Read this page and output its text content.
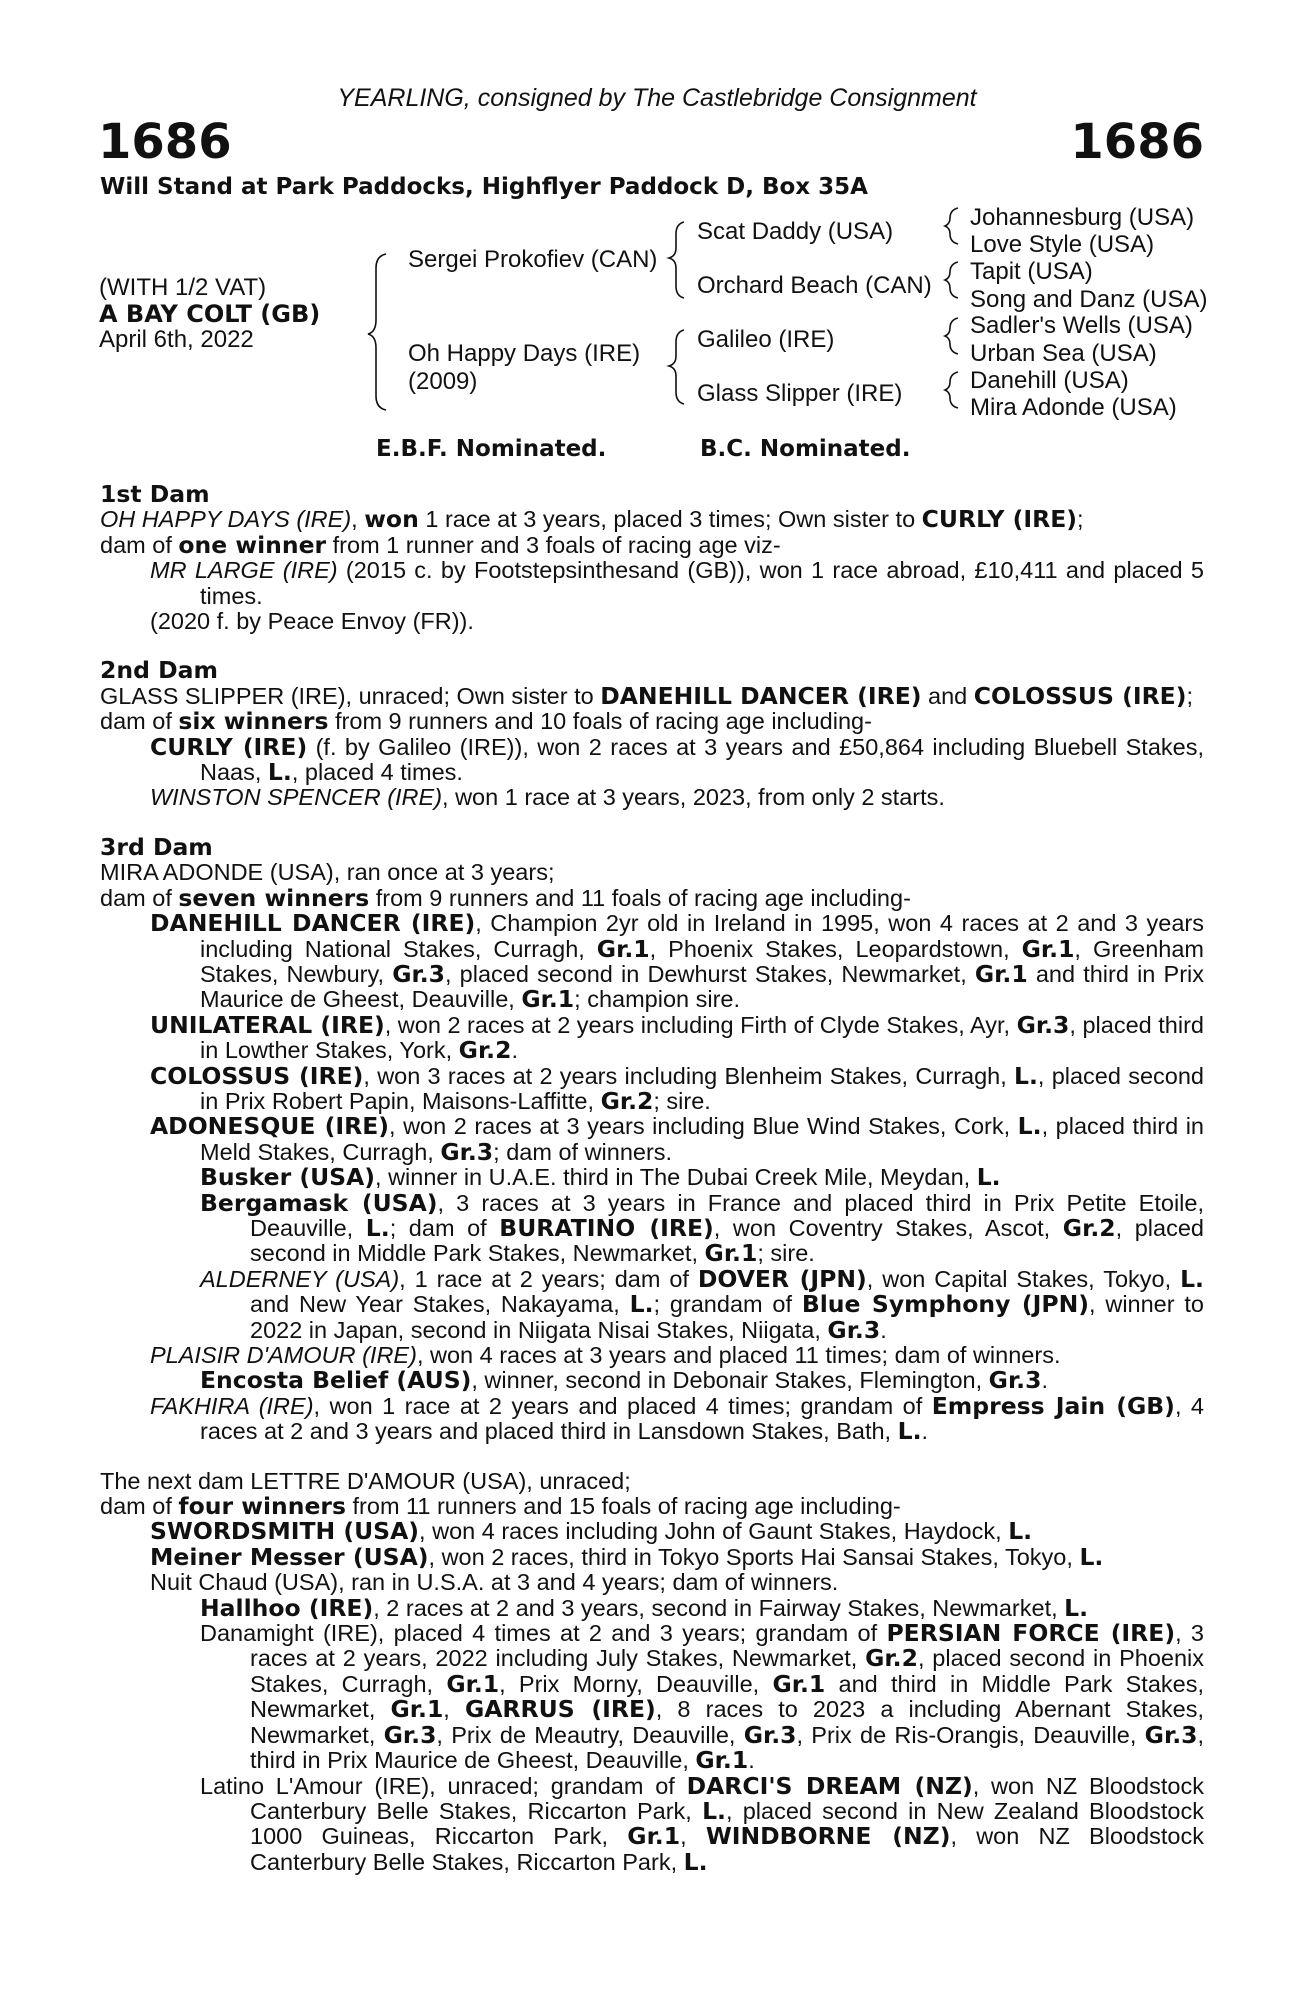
YEARLING, consigned by The Castlebridge Consignment
1686	1686
Will Stand at Park Paddocks, Highflyer Paddock D, Box 35A
(WITH 1/2 VAT)
A BAY COLT (GB)
April 6th, 2022
Sergei Prokofiev (CAN)
Oh Happy Days (IRE)
(2009)
Scat Daddy (USA)
Orchard Beach (CAN)
Galileo (IRE)
Glass Slipper (IRE)
Johannesburg (USA)
Love Style (USA)
Tapit (USA)
Song and Danz (USA)
Sadler's Wells (USA)
Urban Sea (USA)
Danehill (USA)
Mira Adonde (USA)
E.B.F. Nominated.	B.C. Nominated.

1st Dam

OH HAPPY DAYS (IRE), won 1 race at 3 years, placed 3 times; Own sister to CURLY (IRE);

dam of one winner from 1 runner and 3 foals of racing age viz-

MR LARGE (IRE) (2015 c. by Footstepsinthesand (GB)), won 1 race abroad, £10,411 and placed 5 times.

(2020 f. by Peace Envoy (FR)).

2nd Dam

GLASS SLIPPER (IRE), unraced; Own sister to DANEHILL DANCER (IRE) and COLOSSUS (IRE);

dam of six winners from 9 runners and 10 foals of racing age including-

CURLY (IRE) (f. by Galileo (IRE)), won 2 races at 3 years and £50,864 including Bluebell Stakes, Naas, L., placed 4 times.

WINSTON SPENCER (IRE), won 1 race at 3 years, 2023, from only 2 starts.

3rd Dam

MIRA ADONDE (USA), ran once at 3 years;

dam of seven winners from 9 runners and 11 foals of racing age including-

DANEHILL DANCER (IRE), Champion 2yr old in Ireland in 1995, won 4 races at 2 and 3 years including National Stakes, Curragh, Gr.1, Phoenix Stakes, Leopardstown, Gr.1, Greenham Stakes, Newbury, Gr.3, placed second in Dewhurst Stakes, Newmarket, Gr.1 and third in Prix Maurice de Gheest, Deauville, Gr.1; champion sire.

UNILATERAL (IRE), won 2 races at 2 years including Firth of Clyde Stakes, Ayr, Gr.3, placed third in Lowther Stakes, York, Gr.2.

COLOSSUS (IRE), won 3 races at 2 years including Blenheim Stakes, Curragh, L., placed second in Prix Robert Papin, Maisons-Laffitte, Gr.2; sire.

ADONESQUE (IRE), won 2 races at 3 years including Blue Wind Stakes, Cork, L., placed third in Meld Stakes, Curragh, Gr.3; dam of winners.

Busker (USA), winner in U.A.E. third in The Dubai Creek Mile, Meydan, L.

Bergamask (USA), 3 races at 3 years in France and placed third in Prix Petite Etoile, Deauville, L.; dam of BURATINO (IRE), won Coventry Stakes, Ascot, Gr.2, placed second in Middle Park Stakes, Newmarket, Gr.1; sire.

ALDERNEY (USA), 1 race at 2 years; dam of DOVER (JPN), won Capital Stakes, Tokyo, L. and New Year Stakes, Nakayama, L.; grandam of Blue Symphony (JPN), winner to 2022 in Japan, second in Niigata Nisai Stakes, Niigata, Gr.3.

PLAISIR D'AMOUR (IRE), won 4 races at 3 years and placed 11 times; dam of winners.

Encosta Belief (AUS), winner, second in Debonair Stakes, Flemington, Gr.3.

FAKHIRA (IRE), won 1 race at 2 years and placed 4 times; grandam of Empress Jain (GB), 4 races at 2 and 3 years and placed third in Lansdown Stakes, Bath, L..

The next dam LETTRE D'AMOUR (USA), unraced;

dam of four winners from 11 runners and 15 foals of racing age including-

SWORDSMITH (USA), won 4 races including John of Gaunt Stakes, Haydock, L.

Meiner Messer (USA), won 2 races, third in Tokyo Sports Hai Sansai Stakes, Tokyo, L.

Nuit Chaud (USA), ran in U.S.A. at 3 and 4 years; dam of winners.

Hallhoo (IRE), 2 races at 2 and 3 years, second in Fairway Stakes, Newmarket, L.

Danamight (IRE), placed 4 times at 2 and 3 years; grandam of PERSIAN FORCE (IRE), 3 races at 2 years, 2022 including July Stakes, Newmarket, Gr.2, placed second in Phoenix Stakes, Curragh, Gr.1, Prix Morny, Deauville, Gr.1 and third in Middle Park Stakes, Newmarket, Gr.1, GARRUS (IRE), 8 races to 2023 a including Abernant Stakes, Newmarket, Gr.3, Prix de Meautry, Deauville, Gr.3, Prix de Ris-Orangis, Deauville, Gr.3, third in Prix Maurice de Gheest, Deauville, Gr.1.

Latino L'Amour (IRE), unraced; grandam of DARCI'S DREAM (NZ), won NZ Bloodstock Canterbury Belle Stakes, Riccarton Park, L., placed second in New Zealand Bloodstock 1000 Guineas, Riccarton Park, Gr.1, WINDBORNE (NZ), won NZ Bloodstock Canterbury Belle Stakes, Riccarton Park, L.
